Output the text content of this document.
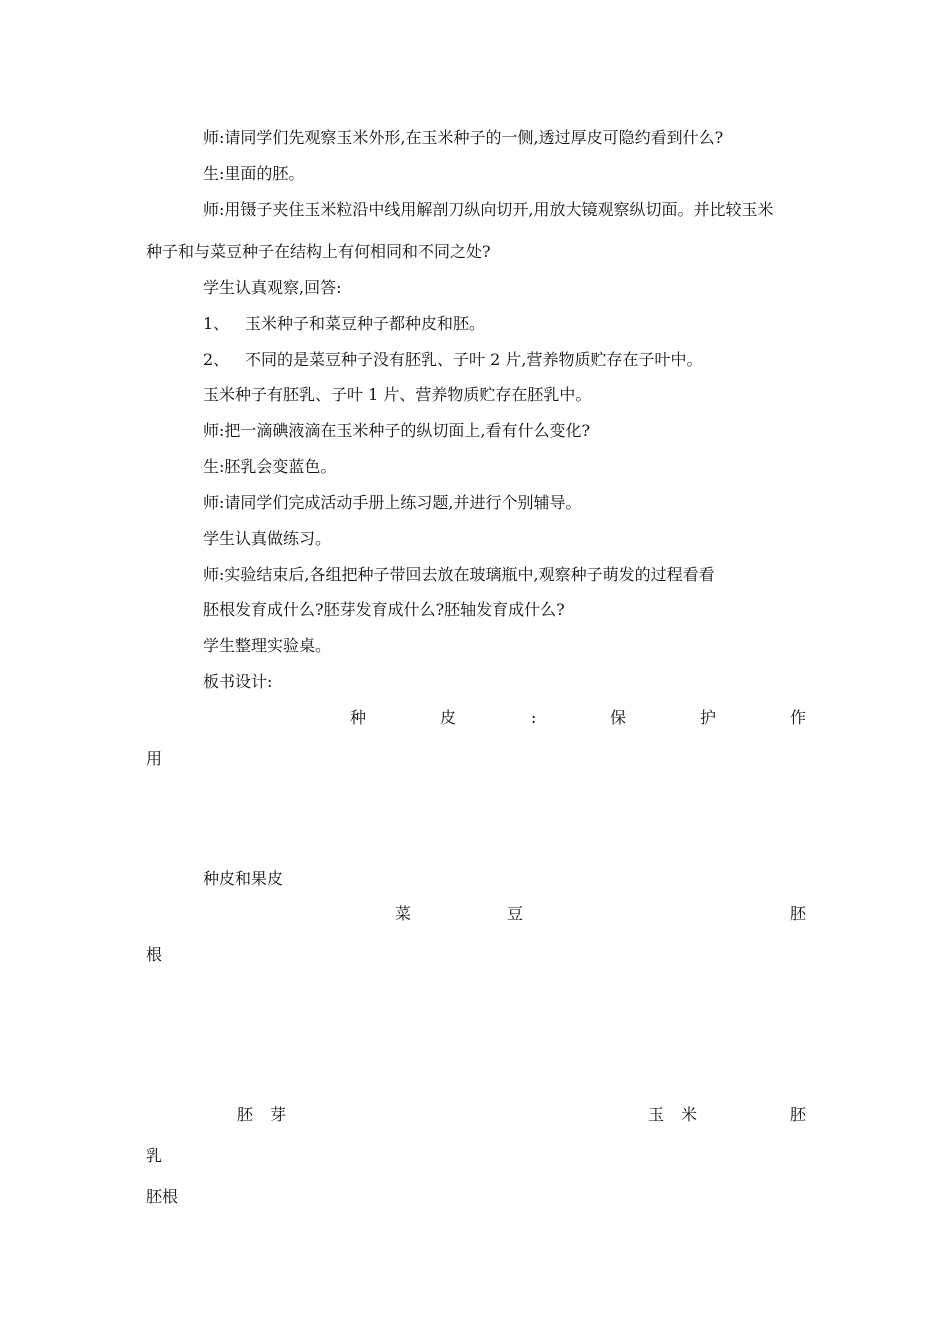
师:请同学们先观察玉米外形,在玉米种子的一侧,透过厚皮可隐约看到什么?
生:里面的胚。
师:用镊子夹住玉米粒沿中线用解剖刀纵向切开,用放大镜观察纵切面。并比较玉米
种子和与菜豆种子在结构上有何相同和不同之处?
学生认真观察,回答:
1、 玉米种子和菜豆种子都种皮和胚。
2、 不同的是菜豆种子没有胚乳、子叶 2 片,营养物质贮存在子叶中。
玉米种子有胚乳、子叶 1 片、营养物质贮存在胚乳中。
师:把一滴碘液滴在玉米种子的纵切面上,看有什么变化?
生:胚乳会变蓝色。
师:请同学们完成活动手册上练习题,并进行个别辅导。
学生认真做练习。
师:实验结束后,各组把种子带回去放在玻璃瓶中,观察种子萌发的过程看看
胚根发育成什么?胚芽发育成什么?胚轴发育成什么?
学生整理实验桌。
板书设计:
种	皮	:	保	护	作
用
种皮和果皮
菜	豆	胚
根
胚 芽	玉 米	胚
乳
胚根
